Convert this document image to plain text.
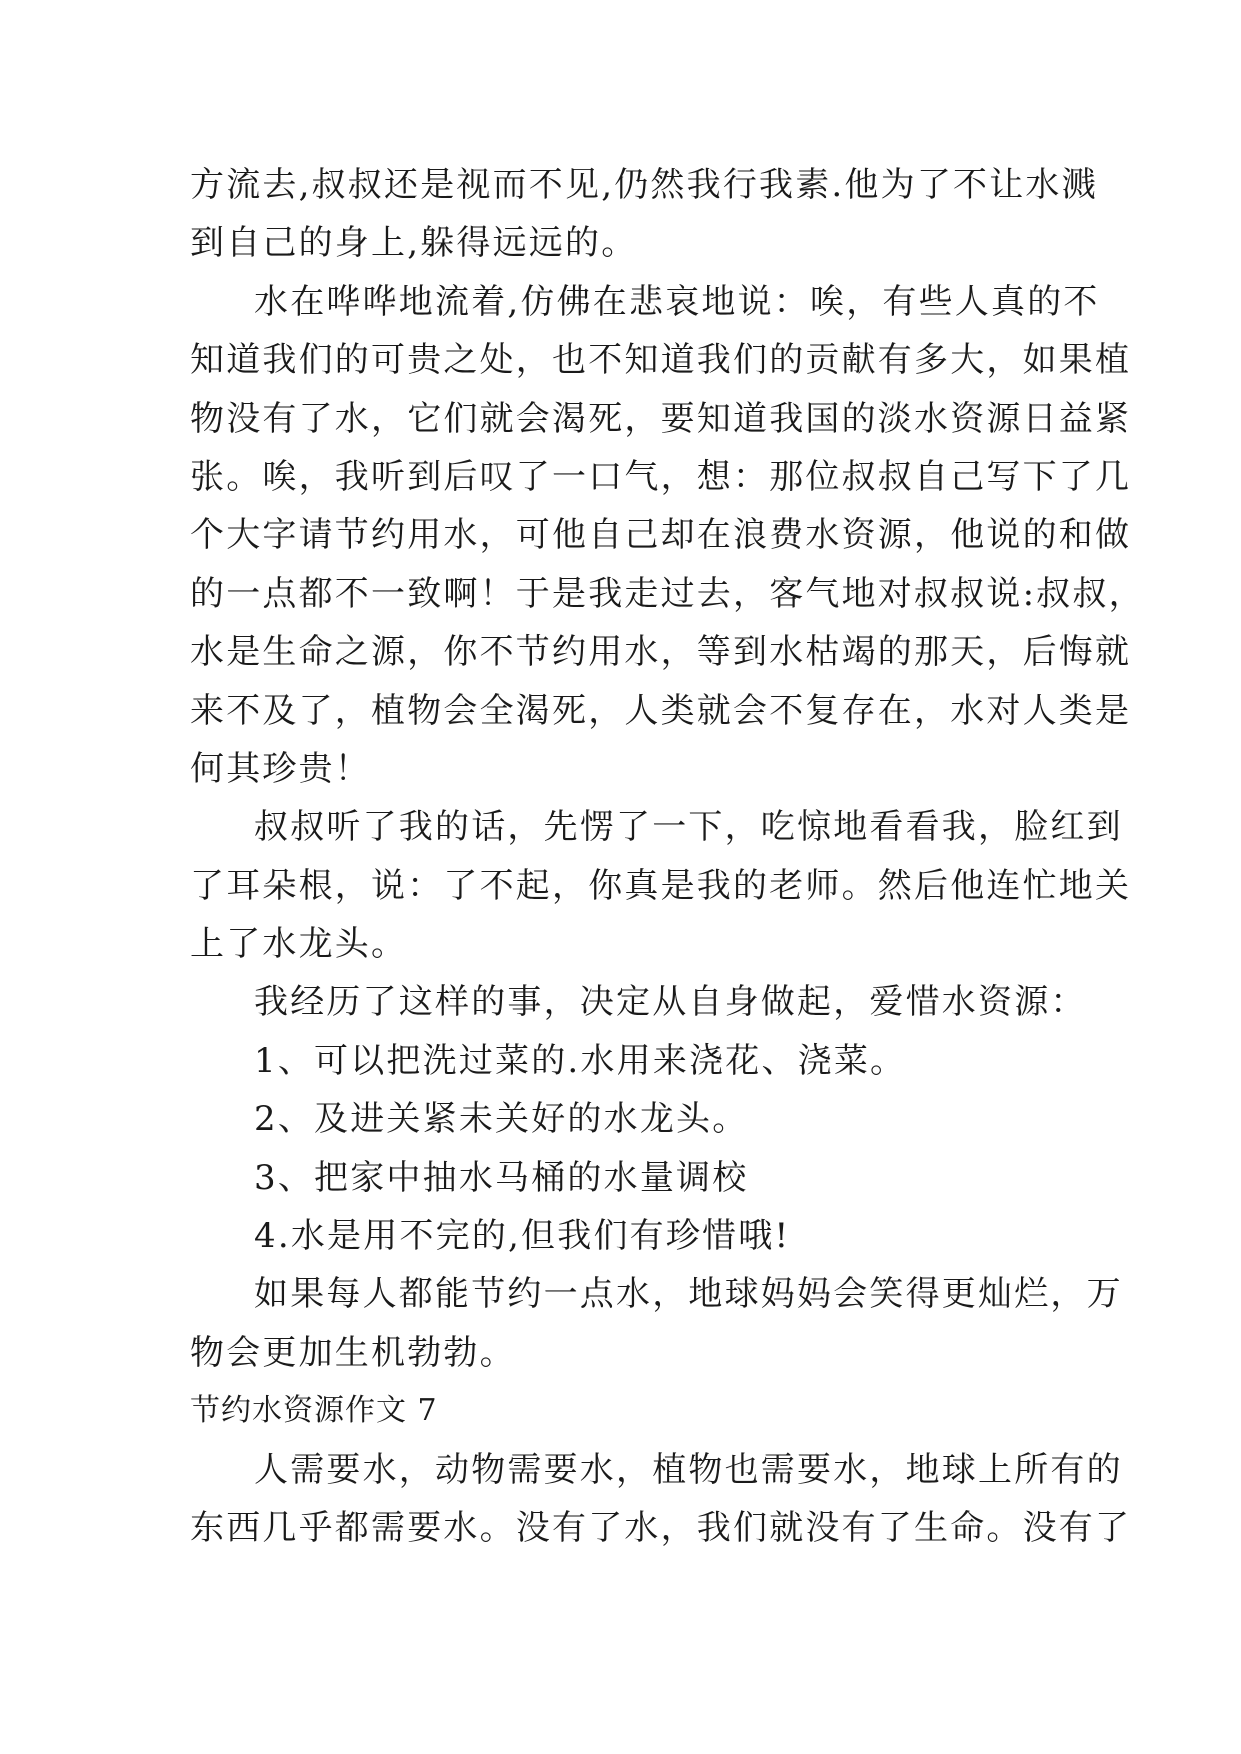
方流去,叔叔还是视而不见,仍然我行我素.他为了不让水溅
到自己的身上,躲得远远的。
水在哗哗地流着,仿佛在悲哀地说：唉，有些人真的不
知道我们的可贵之处，也不知道我们的贡献有多大，如果植
物没有了水，它们就会渴死，要知道我国的淡水资源日益紧
张。唉，我听到后叹了一口气，想：那位叔叔自己写下了几
个大字请节约用水，可他自己却在浪费水资源，他说的和做
的一点都不一致啊！于是我走过去，客气地对叔叔说:叔叔，
水是生命之源，你不节约用水，等到水枯竭的那天，后悔就
来不及了，植物会全渴死，人类就会不复存在，水对人类是
何其珍贵！
叔叔听了我的话，先愣了一下，吃惊地看看我，脸红到
了耳朵根，说：了不起，你真是我的老师。然后他连忙地关
上了水龙头。
我经历了这样的事，决定从自身做起，爱惜水资源：
1、可以把洗过菜的.水用来浇花、浇菜。
2、及进关紧未关好的水龙头。
3、把家中抽水马桶的水量调校
4.水是用不完的,但我们有珍惜哦!
如果每人都能节约一点水，地球妈妈会笑得更灿烂，万
物会更加生机勃勃。
节约水资源作文 7
人需要水，动物需要水，植物也需要水，地球上所有的
东西几乎都需要水。没有了水，我们就没有了生命。没有了
